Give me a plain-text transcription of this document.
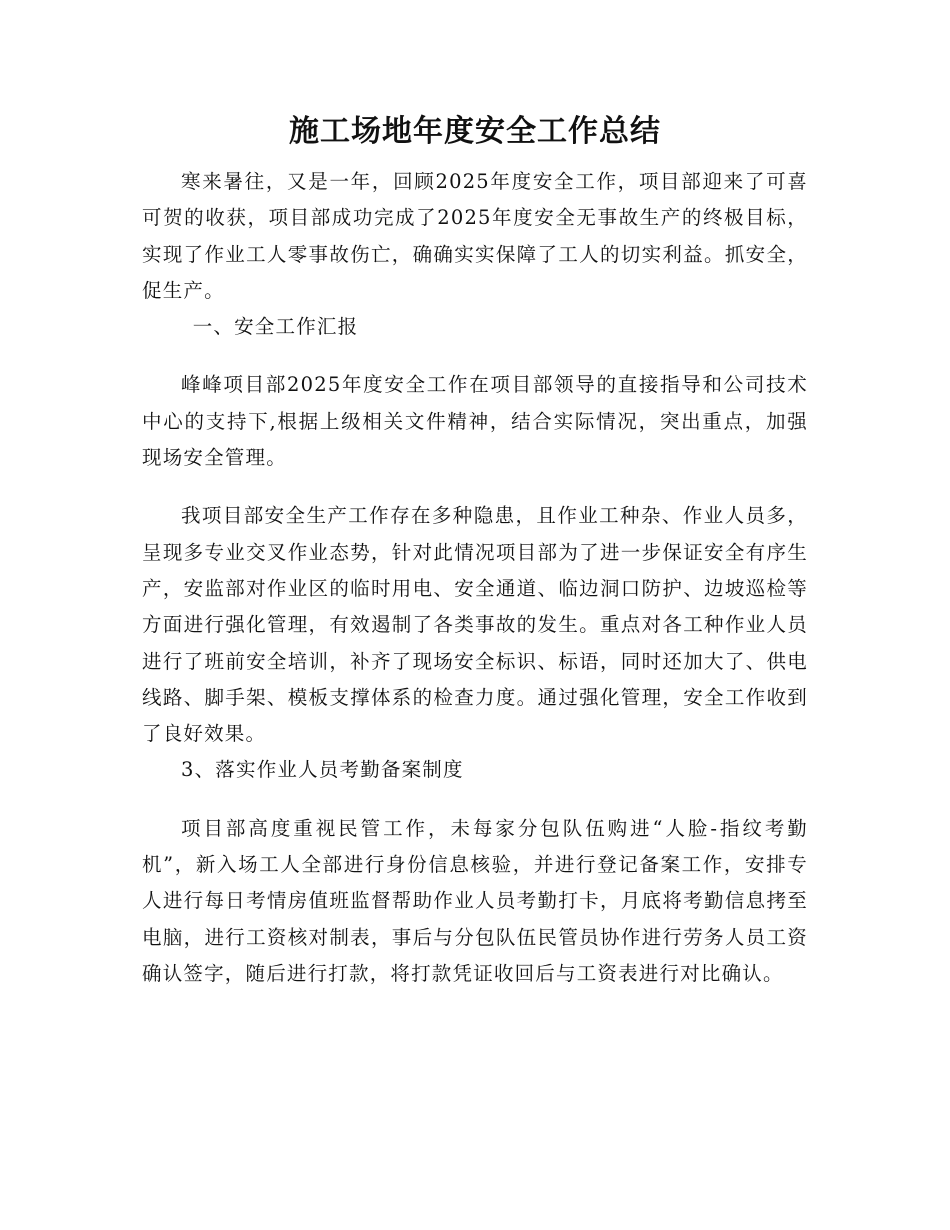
施工场地年度安全工作总结

寒来暑往，又是一年，回顾2025年度安全工作，项目部迎来了可喜可贺的收获，项目部成功完成了2025年度安全无事故生产的终极目标，实现了作业工人零事故伤亡，确确实实保障了工人的切实利益。抓安全，促生产。

一、安全工作汇报

峰峰项目部2025年度安全工作在项目部领导的直接指导和公司技术中心的支持下,根据上级相关文件精神，结合实际情况，突出重点，加强现场安全管理。

我项目部安全生产工作存在多种隐患，且作业工种杂、作业人员多，呈现多专业交叉作业态势，针对此情况项目部为了进一步保证安全有序生产，安监部对作业区的临时用电、安全通道、临边洞口防护、边坡巡检等方面进行强化管理，有效遏制了各类事故的发生。重点对各工种作业人员进行了班前安全培训，补齐了现场安全标识、标语，同时还加大了、供电线路、脚手架、模板支撑体系的检查力度。通过强化管理，安全工作收到了良好效果。

3、落实作业人员考勤备案制度

项目部高度重视民管工作，未每家分包队伍购进“人脸-指纹考勤机”，新入场工人全部进行身份信息核验，并进行登记备案工作，安排专人进行每日考情房值班监督帮助作业人员考勤打卡，月底将考勤信息拷至电脑，进行工资核对制表，事后与分包队伍民管员协作进行劳务人员工资确认签字，随后进行打款，将打款凭证收回后与工资表进行对比确认。
